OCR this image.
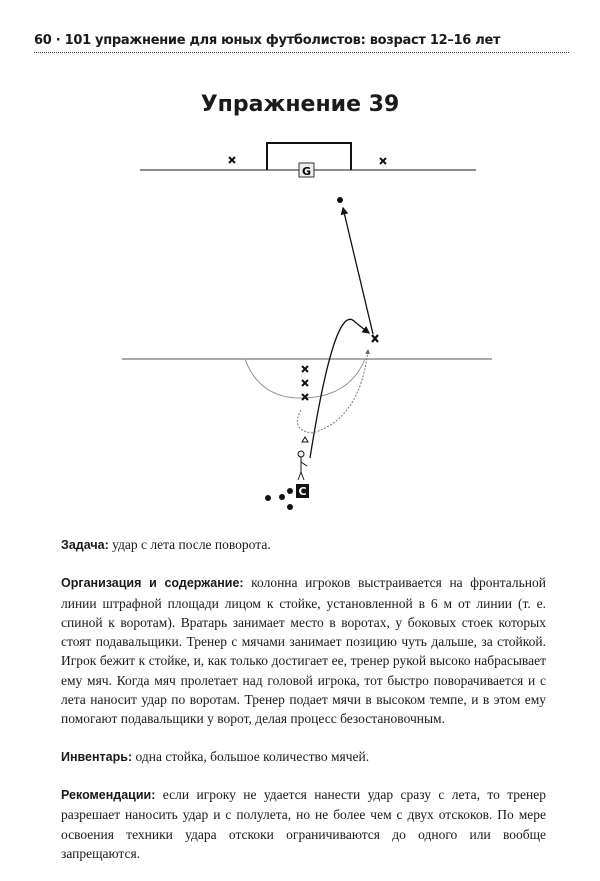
60 · 101 упражнение для юных футболистов: возраст 12–16 лет
Упражнение 39
G
C

Задача: удар с лета после поворота.

Организация и содержание: колонна игроков выстраивается на фронтальной линии штрафной площади лицом к стойке, установленной в 6 м от линии (т. е. спиной к воротам). Вратарь занимает место в воротах, у боковых стоек которых стоят подавальщики. Тренер с мячами занимает позицию чуть дальше, за стойкой. Игрок бежит к стойке, и, как только достигает ее, тренер рукой высоко набрасывает ему мяч. Когда мяч пролетает над головой игрока, тот быстро поворачивается и с лета наносит удар по воротам. Тренер подает мячи в высоком темпе, и в этом ему помогают подавальщики у ворот, делая процесс безостановочным.

Инвентарь: одна стойка, большое количество мячей.

Рекомендации: если игроку не удается нанести удар сразу с лета, то тренер разрешает наносить удар и с полулета, но не более чем с двух отскоков. По мере освоения техники удара отскоки ограничиваются до одного или вообще запрещаются.
